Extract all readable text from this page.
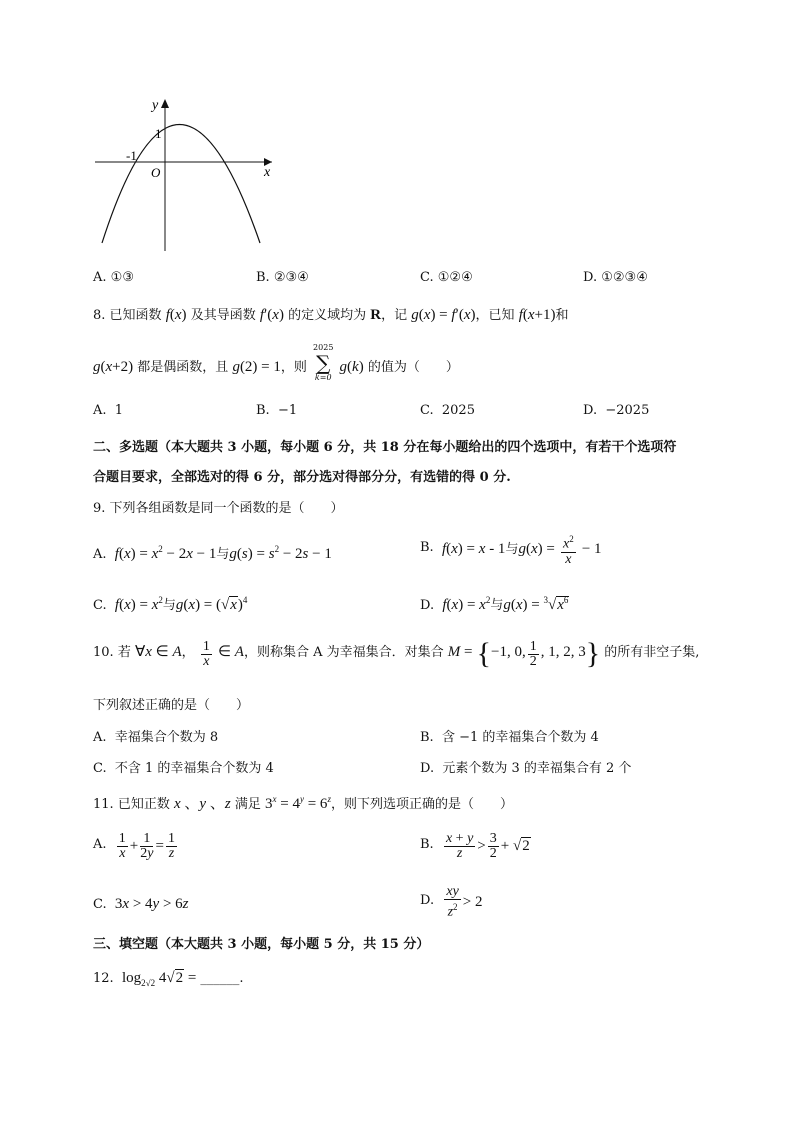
y
1
-1
O	x
A. ①③	B. ②③④	C. ①②④	D. ①②③④
8. 已知函数 f(x) 及其导函数 f′(x) 的定义域均为 R，记 g(x) = f′(x)，已知 f(x+1)和
g(x+2) 都是偶函数，且 g(2) = 1，则
2025
∑
k=0
g(k) 的值为（　　）
A. 1	B. −1	C. 2025	D. −2025
二、多选题（本大题共 3 小题，每小题 6 分，共 18 分在每小题给出的四个选项中，有若干个选项符
合题目要求，全部选对的得 6 分，部分选对得部分分，有选错的得 0 分.
9. 下列各组函数是同一个函数的是（　　）
A. $f(x) = x^2 - 2x - 1$与$g(s) = s^2 - 2s - 1$	B. f(x) = x - 1与$g(x) = \frac{x^2}{x} - 1$
C. $f(x) = x^2$与$g(x) = (√x)^4$	D. $f(x) = x^2$与$g(x) = ^3√x^6$
10. 若 ∀x ∈ A， $\frac{1}{x}$ ∈ A，则称集合 A 为幸福集合．对集合 M = {−1, 0, $\frac{1}{2}$ , 1, 2, 3} 的所有非空子集,
下列叙述正确的是（　　）
A. 幸福集合个数为 8	B. 含 −1 的幸福集合个数为 4
C. 不含 1 的幸福集合个数为 4	D. 元素个数为 3 的幸福集合有 2 个
11. 已知正数 x 、y 、z 满足 $3^x = 4^y = 6^z$，则下列选项正确的是（　　）
A. $\frac{1}{x} + \frac{1}{2y} = \frac{1}{z}$	B. $\frac{x + y}{z} > \frac{3}{2} + √2$
C. 3x > 4y > 6z	D. $\frac{xy}{z^2} > 2$
三、填空题（本大题共 3 小题，每小题 5 分，共 15 分）
12. $\log_{2√2} 4√2$ = ______.
